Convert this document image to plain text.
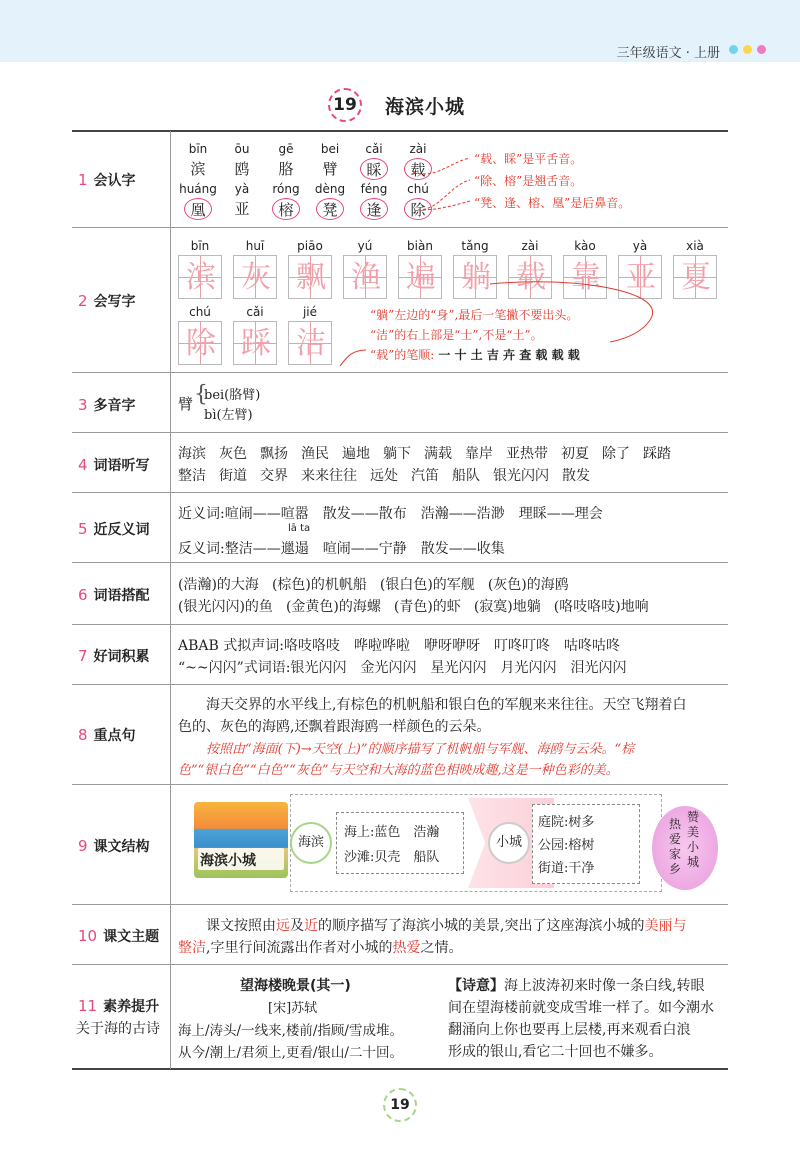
三年级语文 · 上册
19 海滨小城
1 会认字
2 会写字
3 多音字
4 词语听写
5 近反义词
6 词语搭配
7 好词积累
8 重点句
9 课文结构
10 课文主题
11 素养提升
关于海的古诗
bīn
滨
ōu
鸥
gē
胳
bei
臂
cǎi
睬
zài
载
huáng
凰
yà
亚
róng
榕
dèng
凳
féng
逢
chú
除
“载、睬”是平舌音。
“除、榕”是翘舌音。
“凳、逢、榕、凰”是后鼻音。
bīn
滨
huī
灰
piāo
飘
yú
渔
biàn
遍
tǎng
躺
zài
载
kào
靠
yà
亚
xià
夏
chú
除
cǎi
踩
jié
洁
“躺”左边的“身”,最后一笔撇不要出头。
“洁”的右上部是“士”,不是“土”。
“载”的笔顺: 一 十 土 吉 卉 查 载 载 载
臂 {
bei(胳臂)
bì(左臂)
海滨 灰色 飘扬 渔民 遍地 躺下 满载 靠岸 亚热带 初夏 除了 踩踏
整洁 街道 交界 来来往往 远处 汽笛 船队 银光闪闪 散发
近义词:喧闹——喧嚣　散发——散布　浩瀚——浩渺　理睬——理会
lā ta
反义词:整洁——邋遢　喧闹——宁静　散发——收集
(浩瀚)的大海 (棕色)的机帆船 (银白色)的军舰 (灰色)的海鸥
(银光闪闪)的鱼 (金黄色)的海螺 (青色)的虾 (寂寞)地躺 (咯吱咯吱)地响
ABAB 式拟声词:咯吱咯吱　哗啦哗啦　咿呀咿呀　叮咚叮咚　咕咚咕咚
“~~闪闪”式词语:银光闪闪　金光闪闪　星光闪闪　月光闪闪　泪光闪闪
海天交界的水平线上,有棕色的机帆船和银白色的军舰来来往往。天空飞翔着白
色的、灰色的海鸥,还飘着跟海鸥一样颜色的云朵。
按照由“海面(下)→天空(上)”的顺序描写了机帆船与军舰、海鸥与云朵。“棕
色”“银白色”“白色”“灰色”与天空和大海的蓝色相映成趣,这是一种色彩的美。
海滨小城
海滨
海上:蓝色　浩瀚
沙滩:贝壳　船队
小城
庭院:树多
公园:榕树
街道:干净
热爱家乡
赞美小城
课文按照由远及近的顺序描写了海滨小城的美景,突出了这座海滨小城的美丽与
整洁,字里行间流露出作者对小城的热爱之情。
望海楼晚景(其一)
[宋]苏轼
海上/涛头/一线来,楼前/指顾/雪成堆。
从今/潮上/君须上,更看/银山/二十回。
【诗意】海上波涛初来时像一条白线,转眼
间在望海楼前就变成雪堆一样了。如今潮水
翻涌向上你也要再上层楼,再来观看白浪
形成的银山,看它二十回也不嫌多。
19
